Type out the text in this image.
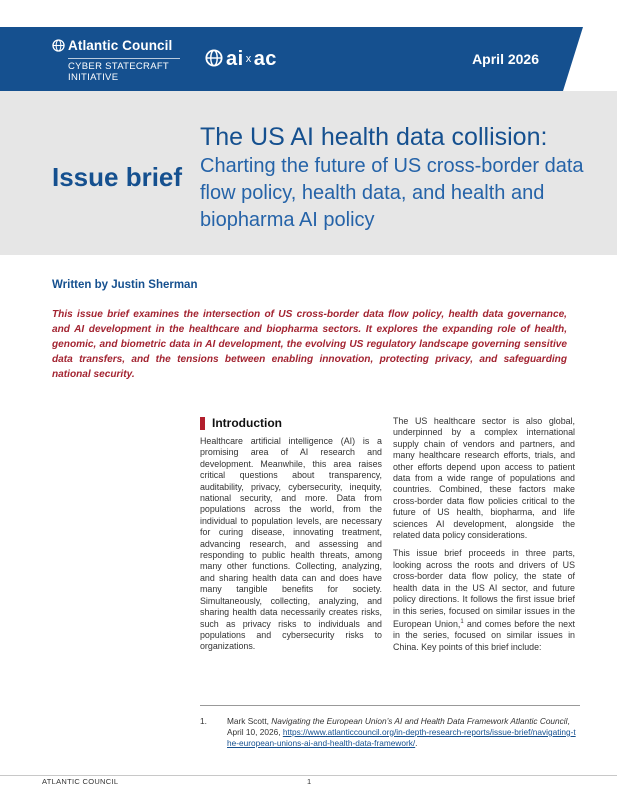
Atlantic Council
CYBER STATECRAFT
INITIATIVE
ai x ac	April 2026
Issue brief
The US AI health data collision:
Charting the future of US cross-border data flow policy, health data, and health and biopharma AI policy
Written by Justin Sherman
This issue brief examines the intersection of US cross-border data flow policy, health data governance, and AI development in the healthcare and biopharma sectors. It explores the expanding role of health, genomic, and biometric data in AI development, the evolving US regulatory landscape governing sensitive data transfers, and the tensions between enabling innovation, protecting privacy, and safeguarding national security.
Introduction

Healthcare artificial intelligence (AI) is a promising area of AI research and development. Meanwhile, this area raises critical questions about transparency, auditability, privacy, cybersecurity, inequity, national security, and more. Data from populations across the world, from the individual to population levels, are necessary for curing disease, innovating treatment, advancing research, and assessing and responding to public health threats, among many other functions. Collecting, analyzing, and sharing health data can and does have many tangible benefits for society. Simultaneously, collecting, analyzing, and sharing health data necessarily creates risks, such as privacy risks to individuals and populations and cybersecurity risks to organizations.

The US healthcare sector is also global, underpinned by a complex international supply chain of vendors and partners, and many healthcare research efforts, trials, and other efforts depend upon access to patient data from a wide range of populations and countries. Combined, these factors make cross-border data flow policies critical to the future of US health, biopharma, and life sciences AI development, alongside the related data policy considerations.

This issue brief proceeds in three parts, looking across the roots and drivers of US cross-border data flow policy, the state of health data in the US AI sector, and future policy directions. It follows the first issue brief in this series, focused on similar issues in the European Union,$^1$ and comes before the next in the series, focused on similar issues in China. Key points of this brief include:

1. Mark Scott, Navigating the European Union’s AI and Health Data Framework Atlantic Council, April 10, 2026, https://www.atlanticcouncil.org/in-depth-research-reports/issue-brief/navigating-the-european-unions-ai-and-health-data-framework/.
ATLANTIC COUNCIL	1
